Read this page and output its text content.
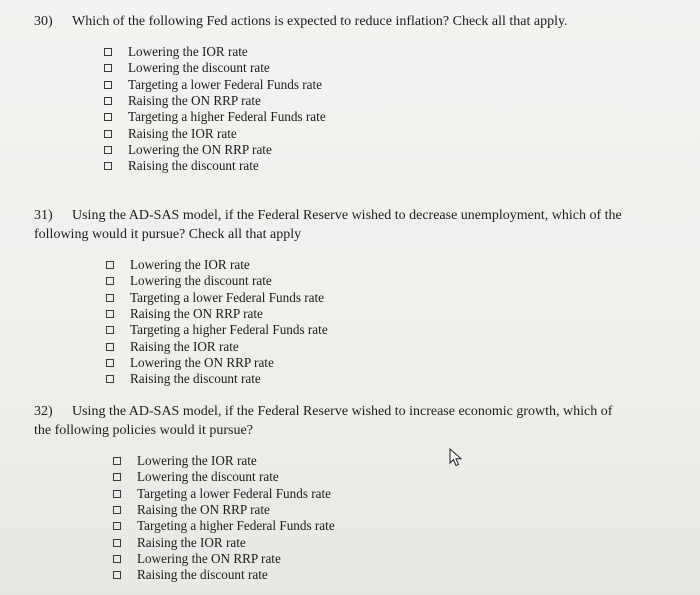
30) Which of the following Fed actions is expected to reduce inflation? Check all that apply.
Lowering the IOR rate
Lowering the discount rate
Targeting a lower Federal Funds rate
Raising the ON RRP rate
Targeting a higher Federal Funds rate
Raising the IOR rate
Lowering the ON RRP rate
Raising the discount rate
31) Using the AD-SAS model, if the Federal Reserve wished to decrease unemployment, which of the
following would it pursue? Check all that apply
Lowering the IOR rate
Lowering the discount rate
Targeting a lower Federal Funds rate
Raising the ON RRP rate
Targeting a higher Federal Funds rate
Raising the IOR rate
Lowering the ON RRP rate
Raising the discount rate
32) Using the AD-SAS model, if the Federal Reserve wished to increase economic growth, which of
the following policies would it pursue?
Lowering the IOR rate
Lowering the discount rate
Targeting a lower Federal Funds rate
Raising the ON RRP rate
Targeting a higher Federal Funds rate
Raising the IOR rate
Lowering the ON RRP rate
Raising the discount rate
